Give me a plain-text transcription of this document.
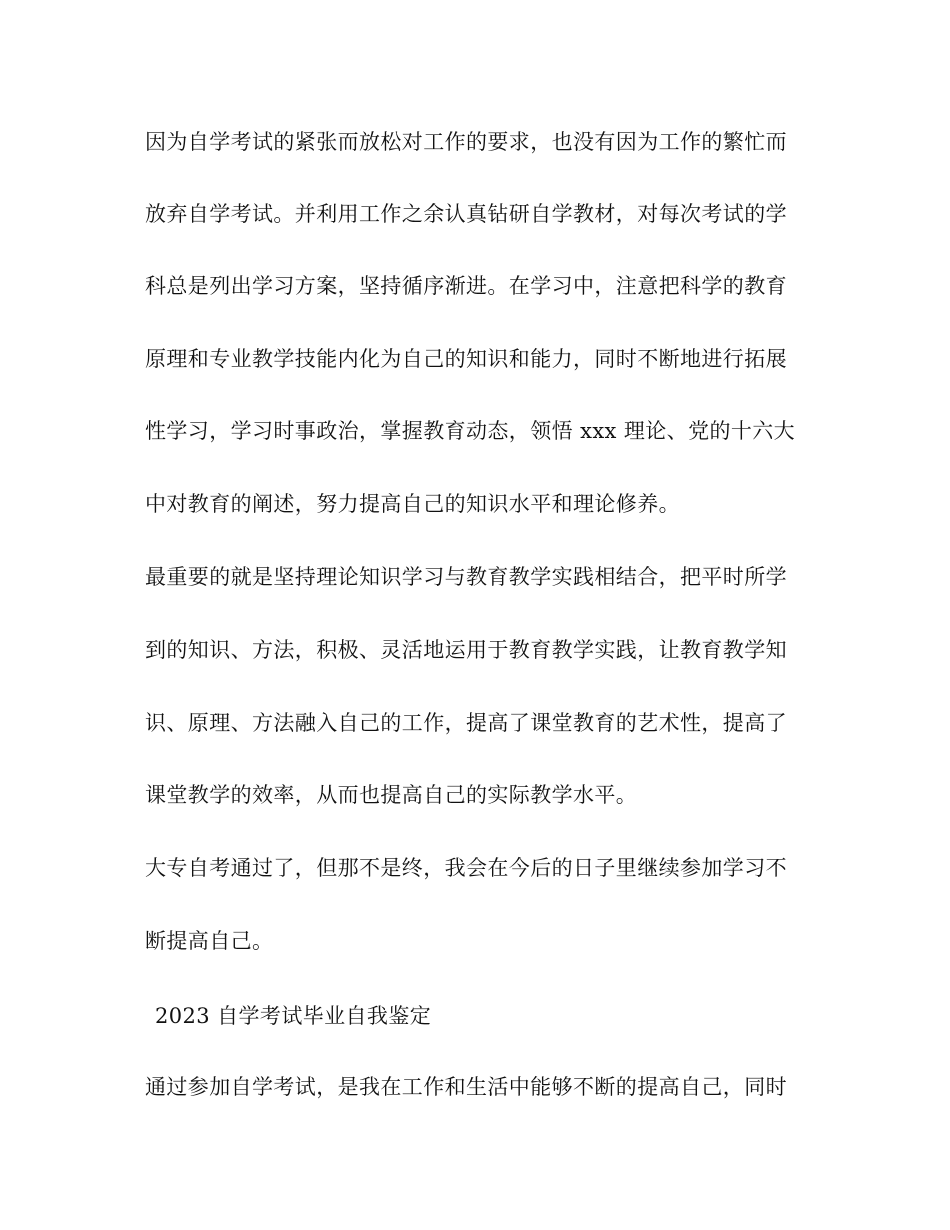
因为自学考试的紧张而放松对工作的要求，也没有因为工作的繁忙而
放弃自学考试。并利用工作之余认真钻研自学教材，对每次考试的学
科总是列出学习方案，坚持循序渐进。在学习中，注意把科学的教育
原理和专业教学技能内化为自己的知识和能力，同时不断地进行拓展
性学习，学习时事政治，掌握教育动态，领悟 xxx 理论、党的十六大
中对教育的阐述，努力提高自己的知识水平和理论修养。
最重要的就是坚持理论知识学习与教育教学实践相结合，把平时所学
到的知识、方法，积极、灵活地运用于教育教学实践，让教育教学知
识、原理、方法融入自己的工作，提高了课堂教育的艺术性，提高了
课堂教学的效率，从而也提高自己的实际教学水平。
大专自考通过了，但那不是终，我会在今后的日子里继续参加学习不
断提高自己。
2023 自学考试毕业自我鉴定
通过参加自学考试，是我在工作和生活中能够不断的提高自己，同时
